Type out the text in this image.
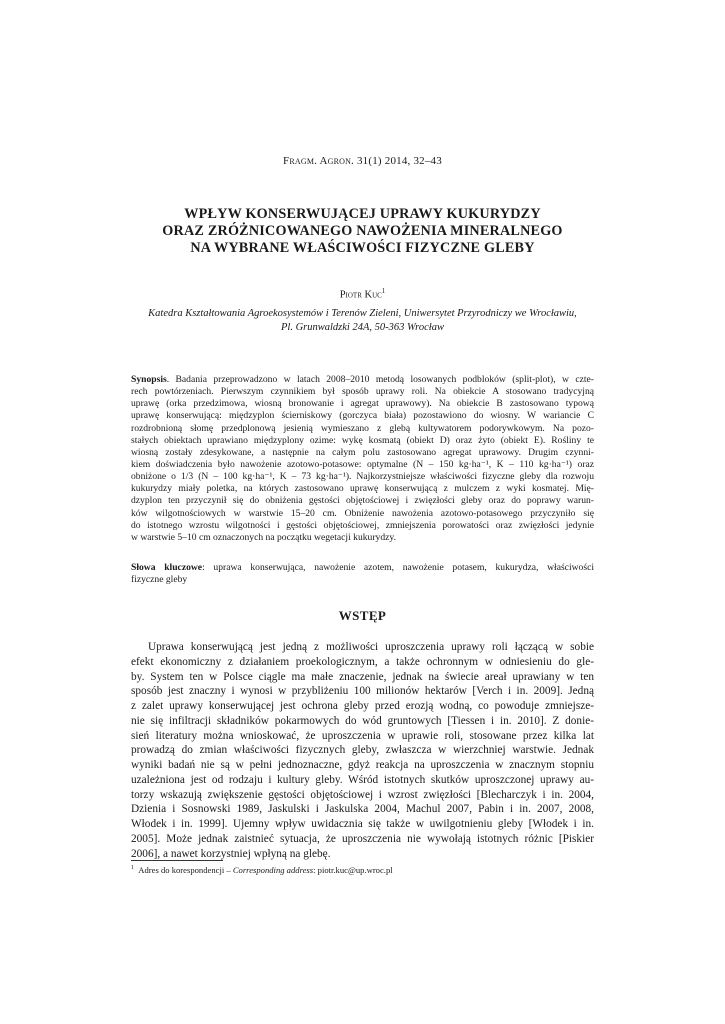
Fragm. Agron. 31(1) 2014, 32–43
WPŁYW KONSERWUJĄCEJ UPRAWY KUKURYDZY
ORAZ ZRÓŻNICOWANEGO NAWOŻENIA MINERALNEGO
NA WYBRANE WŁAŚCIWOŚCI FIZYCZNE GLEBY
Piotr Kuc$^1$
Katedra Kształtowania Agroekosystemów i Terenów Zieleni, Uniwersytet Przyrodniczy we Wrocławiu,
Pl. Grunwaldzki 24A, 50-363 Wrocław
Synopsis. Badania przeprowadzono w latach 2008–2010 metodą losowanych podbloków (split-plot), w czte-
rech powtórzeniach. Pierwszym czynnikiem był sposób uprawy roli. Na obiekcie A stosowano tradycyjną
uprawę (orka przedzimowa, wiosną bronowanie i agregat uprawowy). Na obiekcie B zastosowano typową
uprawę konserwującą: międzyplon ścierniskowy (gorczyca biała) pozostawiono do wiosny. W wariancie C
rozdrobnioną słomę przedplonową jesienią wymieszano z glebą kultywatorem podorywkowym. Na pozo-
stałych obiektach uprawiano międzyplony ozime: wykę kosmatą (obiekt D) oraz żyto (obiekt E). Rośliny te
wiosną zostały zdesykowane, a następnie na całym polu zastosowano agregat uprawowy. Drugim czynni-
kiem doświadczenia było nawożenie azotowo-potasowe: optymalne (N – 150 kg·ha⁻¹, K – 110 kg·ha⁻¹) oraz
obniżone o 1/3 (N – 100 kg·ha⁻¹, K – 73 kg·ha⁻¹). Najkorzystniejsze właściwości fizyczne gleby dla rozwoju
kukurydzy miały poletka, na których zastosowano uprawę konserwującą z mulczem z wyki kosmatej. Mię-
dzyplon ten przyczynił się do obniżenia gęstości objętościowej i zwięzłości gleby oraz do poprawy warun-
ków wilgotnościowych w warstwie 15–20 cm. Obniżenie nawożenia azotowo-potasowego przyczyniło się
do istotnego wzrostu wilgotności i gęstości objętościowej, zmniejszenia porowatości oraz zwięzłości jedynie
w warstwie 5–10 cm oznaczonych na początku wegetacji kukurydzy.
Słowa kluczowe: uprawa konserwująca, nawożenie azotem, nawożenie potasem, kukurydza, właściwości
fizyczne gleby
WSTĘP
Uprawa konserwującą jest jedną z możliwości uproszczenia uprawy roli łączącą w sobie
efekt ekonomiczny z działaniem proekologicznym, a także ochronnym w odniesieniu do gle-
by. System ten w Polsce ciągle ma małe znaczenie, jednak na świecie areał uprawiany w ten
sposób jest znaczny i wynosi w przybliżeniu 100 milionów hektarów [Verch i in. 2009]. Jedną
z zalet uprawy konserwującej jest ochrona gleby przed erozją wodną, co powoduje zmniejsze-
nie się infiltracji składników pokarmowych do wód gruntowych [Tiessen i in. 2010]. Z donie-
sień literatury można wnioskować, że uproszczenia w uprawie roli, stosowane przez kilka lat
prowadzą do zmian właściwości fizycznych gleby, zwłaszcza w wierzchniej warstwie. Jednak
wyniki badań nie są w pełni jednoznaczne, gdyż reakcja na uproszczenia w znacznym stopniu
uzależniona jest od rodzaju i kultury gleby. Wśród istotnych skutków uproszczonej uprawy au-
torzy wskazują zwiększenie gęstości objętościowej i wzrost zwięzłości [Blecharczyk i in. 2004,
Dzienia i Sosnowski 1989, Jaskulski i Jaskulska 2004, Machul 2007, Pabin i in. 2007, 2008,
Włodek i in. 1999]. Ujemny wpływ uwidacznia się także w uwilgotnieniu gleby [Włodek i in.
2005]. Może jednak zaistnieć sytuacja, że uproszczenia nie wywołają istotnych różnic [Piskier
2006], a nawet korzystniej wpłyną na glebę.
$^1$ Adres do korespondencji – Corresponding address: piotr.kuc@up.wroc.pl
